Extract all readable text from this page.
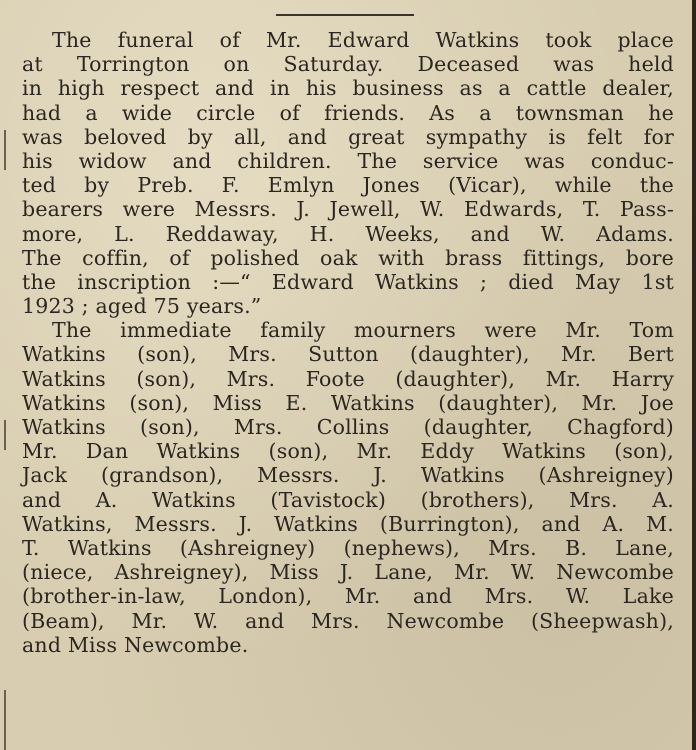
The funeral of Mr. Edward Watkins took place
at Torrington on Saturday. Deceased was held
in high respect and in his business as a cattle dealer,
had a wide circle of friends. As a townsman he
was beloved by all, and great sympathy is felt for
his widow and children. The service was conduc-
ted by Preb. F. Emlyn Jones (Vicar), while the
bearers were Messrs. J. Jewell, W. Edwards, T. Pass-
more, L. Reddaway, H. Weeks, and W. Adams.
The coffin, of polished oak with brass fittings, bore
the inscription :—“ Edward Watkins ; died May 1st
1923 ; aged 75 years.”
The immediate family mourners were Mr. Tom
Watkins (son), Mrs. Sutton (daughter), Mr. Bert
Watkins (son), Mrs. Foote (daughter), Mr. Harry
Watkins (son), Miss E. Watkins (daughter), Mr. Joe
Watkins (son), Mrs. Collins (daughter, Chagford)
Mr. Dan Watkins (son), Mr. Eddy Watkins (son),
Jack (grandson), Messrs. J. Watkins (Ashreigney)
and A. Watkins (Tavistock) (brothers), Mrs. A.
Watkins, Messrs. J. Watkins (Burrington), and A. M.
T. Watkins (Ashreigney) (nephews), Mrs. B. Lane,
(niece, Ashreigney), Miss J. Lane, Mr. W. Newcombe
(brother-in-law, London), Mr. and Mrs. W. Lake
(Beam), Mr. W. and Mrs. Newcombe (Sheepwash),
and Miss Newcombe.
